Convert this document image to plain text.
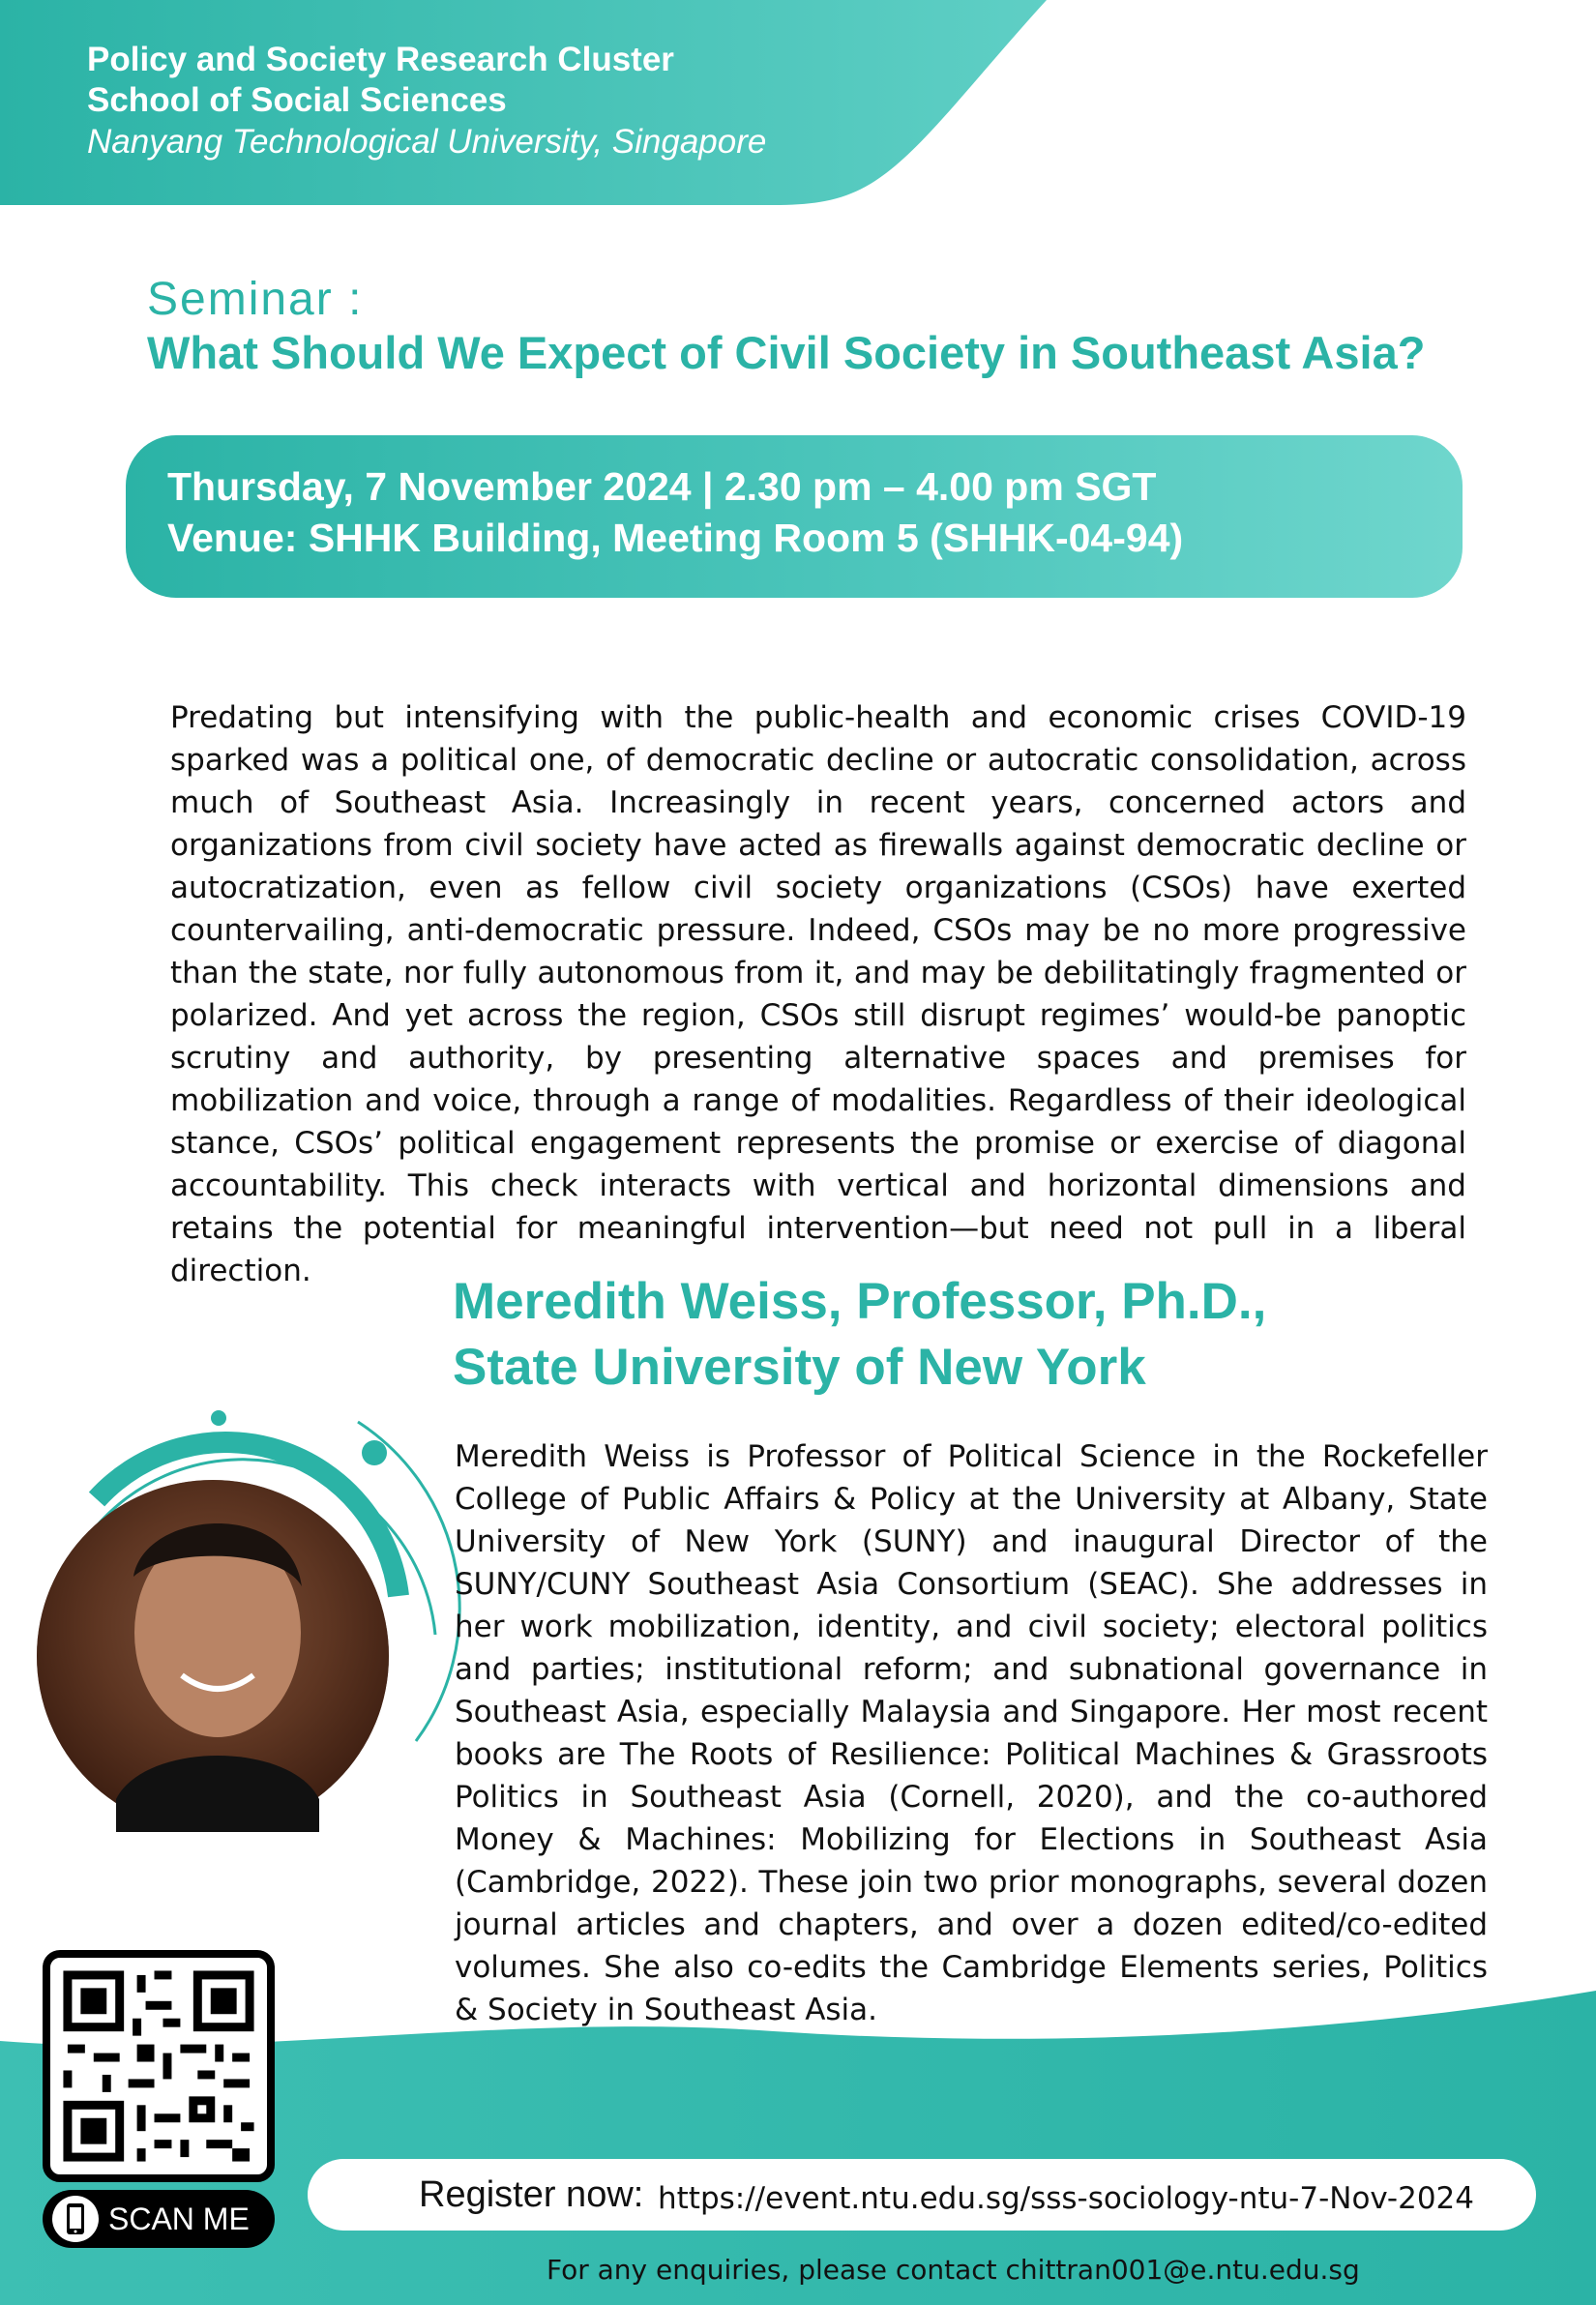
Policy and Society Research Cluster
School of Social Sciences
Nanyang Technological University, Singapore
Seminar :
What Should We Expect of Civil Society in Southeast Asia?
Thursday, 7 November 2024 | 2.30 pm – 4.00 pm SGT
Venue: SHHK Building, Meeting Room 5 (SHHK-04-94)
Predating but intensifying with the public-health and economic crises COVID-19 sparked was a political one, of democratic decline or autocratic consolidation, across much of Southeast Asia. Increasingly in recent years, concerned actors and organizations from civil society have acted as firewalls against democratic decline or autocratization, even as fellow civil society organizations (CSOs) have exerted countervailing, anti-democratic pressure. Indeed, CSOs may be no more progressive than the state, nor fully autonomous from it, and may be debilitatingly fragmented or polarized. And yet across the region, CSOs still disrupt regimes’ would-be panoptic scrutiny and authority, by presenting alternative spaces and premises for mobilization and voice, through a range of modalities. Regardless of their ideological stance, CSOs’ political engagement represents the promise or exercise of diagonal accountability. This check interacts with vertical and horizontal dimensions and retains the potential for meaningful intervention—but need not pull in a liberal direction.
Meredith Weiss, Professor, Ph.D.,
State University of New York
Meredith Weiss is Professor of Political Science in the Rockefeller College of Public Affairs & Policy at the University at Albany, State University of New York (SUNY) and inaugural Director of the SUNY/CUNY Southeast Asia Consortium (SEAC). She addresses in her work mobilization, identity, and civil society; electoral politics and parties; institutional reform; and subnational governance in Southeast Asia, especially Malaysia and Singapore. Her most recent books are The Roots of Resilience: Political Machines & Grassroots Politics in Southeast Asia (Cornell, 2020), and the co-authored Money & Machines: Mobilizing for Elections in Southeast Asia (Cambridge, 2022). These join two prior monographs, several dozen journal articles and chapters, and over a dozen edited/co-edited volumes. She also co-edits the Cambridge Elements series, Politics & Society in Southeast Asia.
SCAN ME
Register now: https://event.ntu.edu.sg/sss-sociology-ntu-7-Nov-2024
For any enquiries, please contact chittran001@e.ntu.edu.sg
